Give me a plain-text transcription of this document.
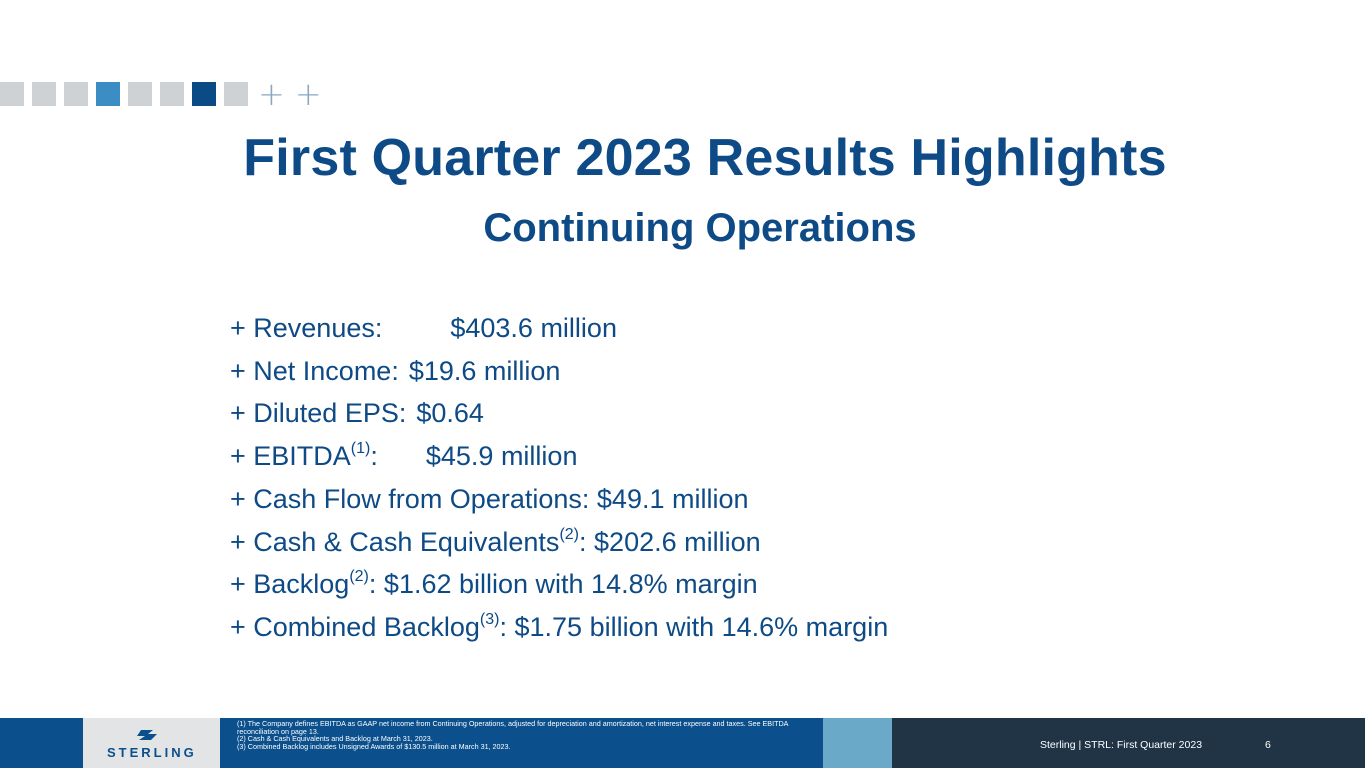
+ +
First Quarter 2023 Results Highlights
Continuing Operations
+ Revenues:	$403.6 million
+ Net Income: $19.6 million
+ Diluted EPS: $0.64
+ $EBITDA^{(1)}$: $45.9 million
+ Cash Flow from Operations: $49.1 million
+ Cash & Cash Equivalents$^{(2)}$: $202.6 million
+ Backlog$^{(2)}$: $1.62 billion with 14.8% margin
+ Combined Backlog$^{(3)}$: $1.75 billion with 14.6% margin
STERLING

(1) The Company defines EBITDA as GAAP net income from Continuing Operations, adjusted for depreciation and amortization, net interest expense and taxes. See EBITDA reconciliation on page 13.

(2) Cash & Cash Equivalents and Backlog at March 31, 2023.

(3) Combined Backlog includes Unsigned Awards of $130.5 million at March 31, 2023.	Sterling | STRL: First Quarter 2023	6
